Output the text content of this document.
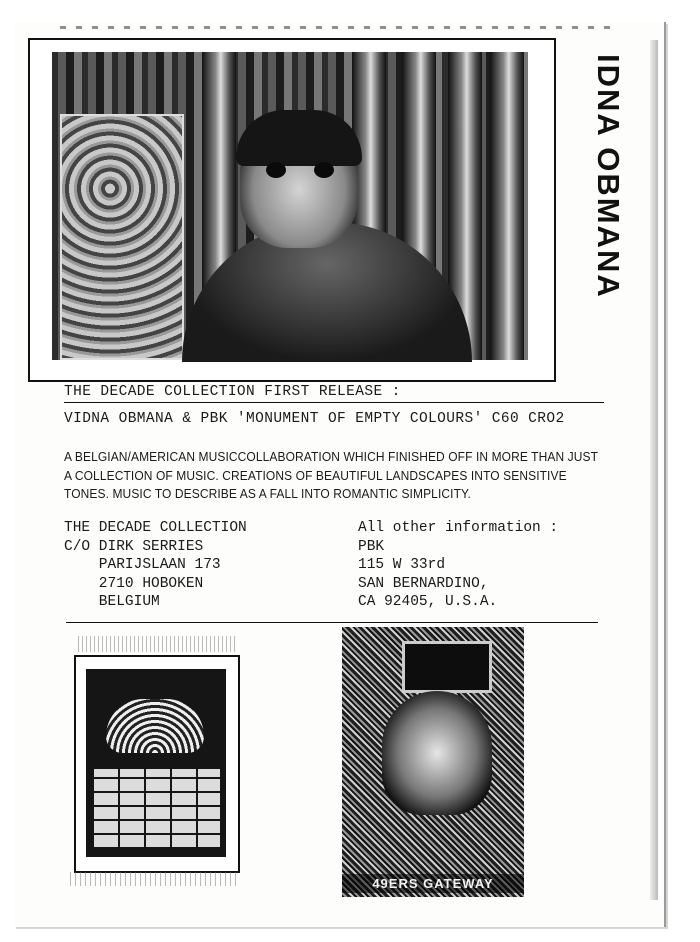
IDNA OBMANA
THE DECADE COLLECTION FIRST RELEASE :
VIDNA OBMANA & PBK 'MONUMENT OF EMPTY COLOURS' C60 CRO2
A BELGIAN/AMERICAN MUSICCOLLABORATION WHICH FINISHED OFF IN MORE THAN JUST
A COLLECTION OF MUSIC. CREATIONS OF BEAUTIFUL LANDSCAPES INTO SENSITIVE
TONES. MUSIC TO DESCRIBE AS A FALL INTO ROMANTIC SIMPLICITY.
THE DECADE COLLECTION
C/O DIRK SERRIES
PARIJSLAAN 173
2710 HOBOKEN
BELGIUM
All other information :
PBK
115 W 33rd
SAN BERNARDINO,
CA 92405, U.S.A.
49ERS GATEWAY
